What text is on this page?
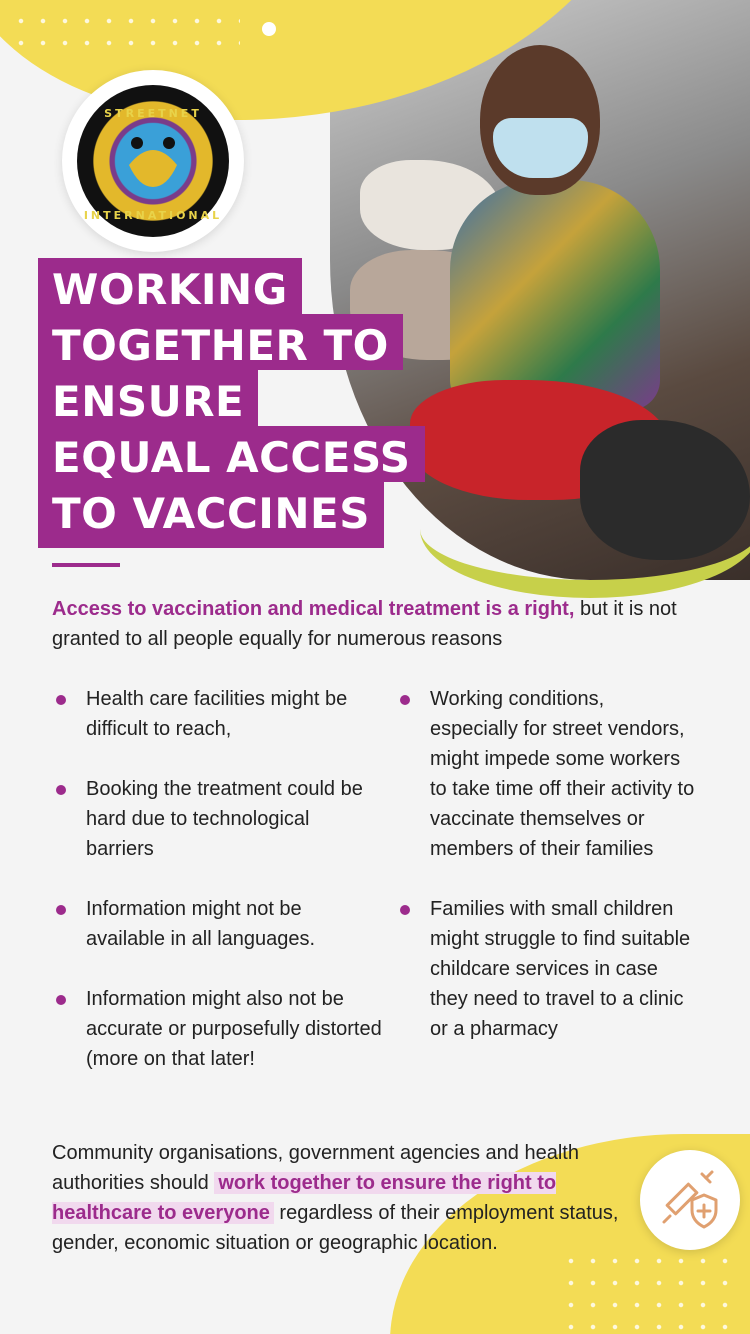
STREETNET
INTERNATIONAL
WORKING
TOGETHER TO
ENSURE
EQUAL ACCESS
TO VACCINES

Access to vaccination and medical treatment is a right, but it is not granted to all people equally for numerous reasons

Health care facilities might be difficult to reach,
Booking the treatment could be hard due to technological barriers
Information might not be available in all languages.
Information might also not be accurate or purposefully distorted (more on that later!
Working conditions, especially for street vendors, might impede some workers to take time off their activity to vaccinate themselves or members of their families
Families with small children might struggle to find suitable childcare services in case they need to travel to a clinic or a pharmacy

Community organisations, government agencies and health authorities should work together to ensure the right to healthcare to everyone regardless of their employment status, gender, economic situation or geographic location.
